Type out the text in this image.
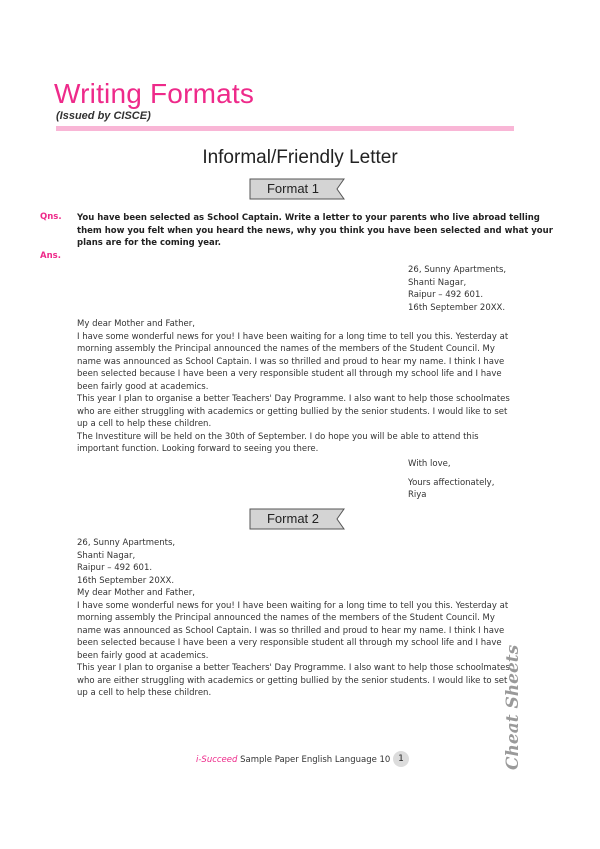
Writing Formats
(Issued by CISCE)
Informal/Friendly Letter
Format 1
Qns. You have been selected as School Captain. Write a letter to your parents who live abroad telling
them how you felt when you heard the news, why you think you have been selected and what your
plans are for the coming year.
Ans.
26, Sunny Apartments,
Shanti Nagar,
Raipur – 492 601.
16th September 20XX.
My dear Mother and Father,
I have some wonderful news for you! I have been waiting for a long time to tell you this. Yesterday at
morning assembly the Principal announced the names of the members of the Student Council. My
name was announced as School Captain. I was so thrilled and proud to hear my name. I think I have
been selected because I have been a very responsible student all through my school life and I have
been fairly good at academics.
This year I plan to organise a better Teachers' Day Programme. I also want to help those schoolmates
who are either struggling with academics or getting bullied by the senior students. I would like to set
up a cell to help these children.
The Investiture will be held on the 30th of September. I do hope you will be able to attend this
important function. Looking forward to seeing you there.
With love,
Yours affectionately,
Riya
Format 2
26, Sunny Apartments,
Shanti Nagar,
Raipur – 492 601.
16th September 20XX.
My dear Mother and Father,
I have some wonderful news for you! I have been waiting for a long time to tell you this. Yesterday at
morning assembly the Principal announced the names of the members of the Student Council. My
name was announced as School Captain. I was so thrilled and proud to hear my name. I think I have
been selected because I have been a very responsible student all through my school life and I have
been fairly good at academics.
This year I plan to organise a better Teachers' Day Programme. I also want to help those schoolmates
who are either struggling with academics or getting bullied by the senior students. I would like to set
up a cell to help these children.
i-Succeed Sample Paper English Language 10 1	Cheat Sheets
